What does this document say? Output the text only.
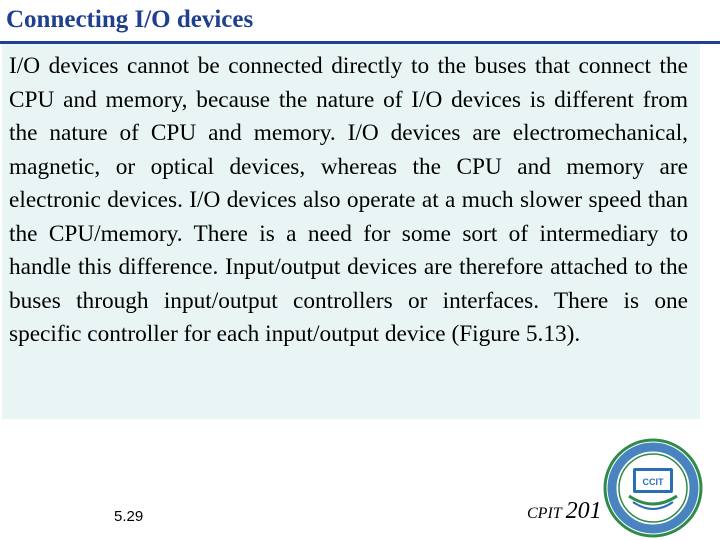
Connecting I/O devices

I/O devices cannot be connected directly to the buses that connect the CPU and memory, because the nature of I/O devices is different from the nature of CPU and memory. I/O devices are electromechanical, magnetic, or optical devices, whereas the CPU and memory are electronic devices. I/O devices also operate at a much slower speed than the CPU/memory. There is a need for some sort of intermediary to handle this difference. Input/output devices are therefore attached to the buses through input/output controllers or interfaces. There is one specific controller for each input/output device (Figure 5.13).

5.29	CPIT 201
CCIT
